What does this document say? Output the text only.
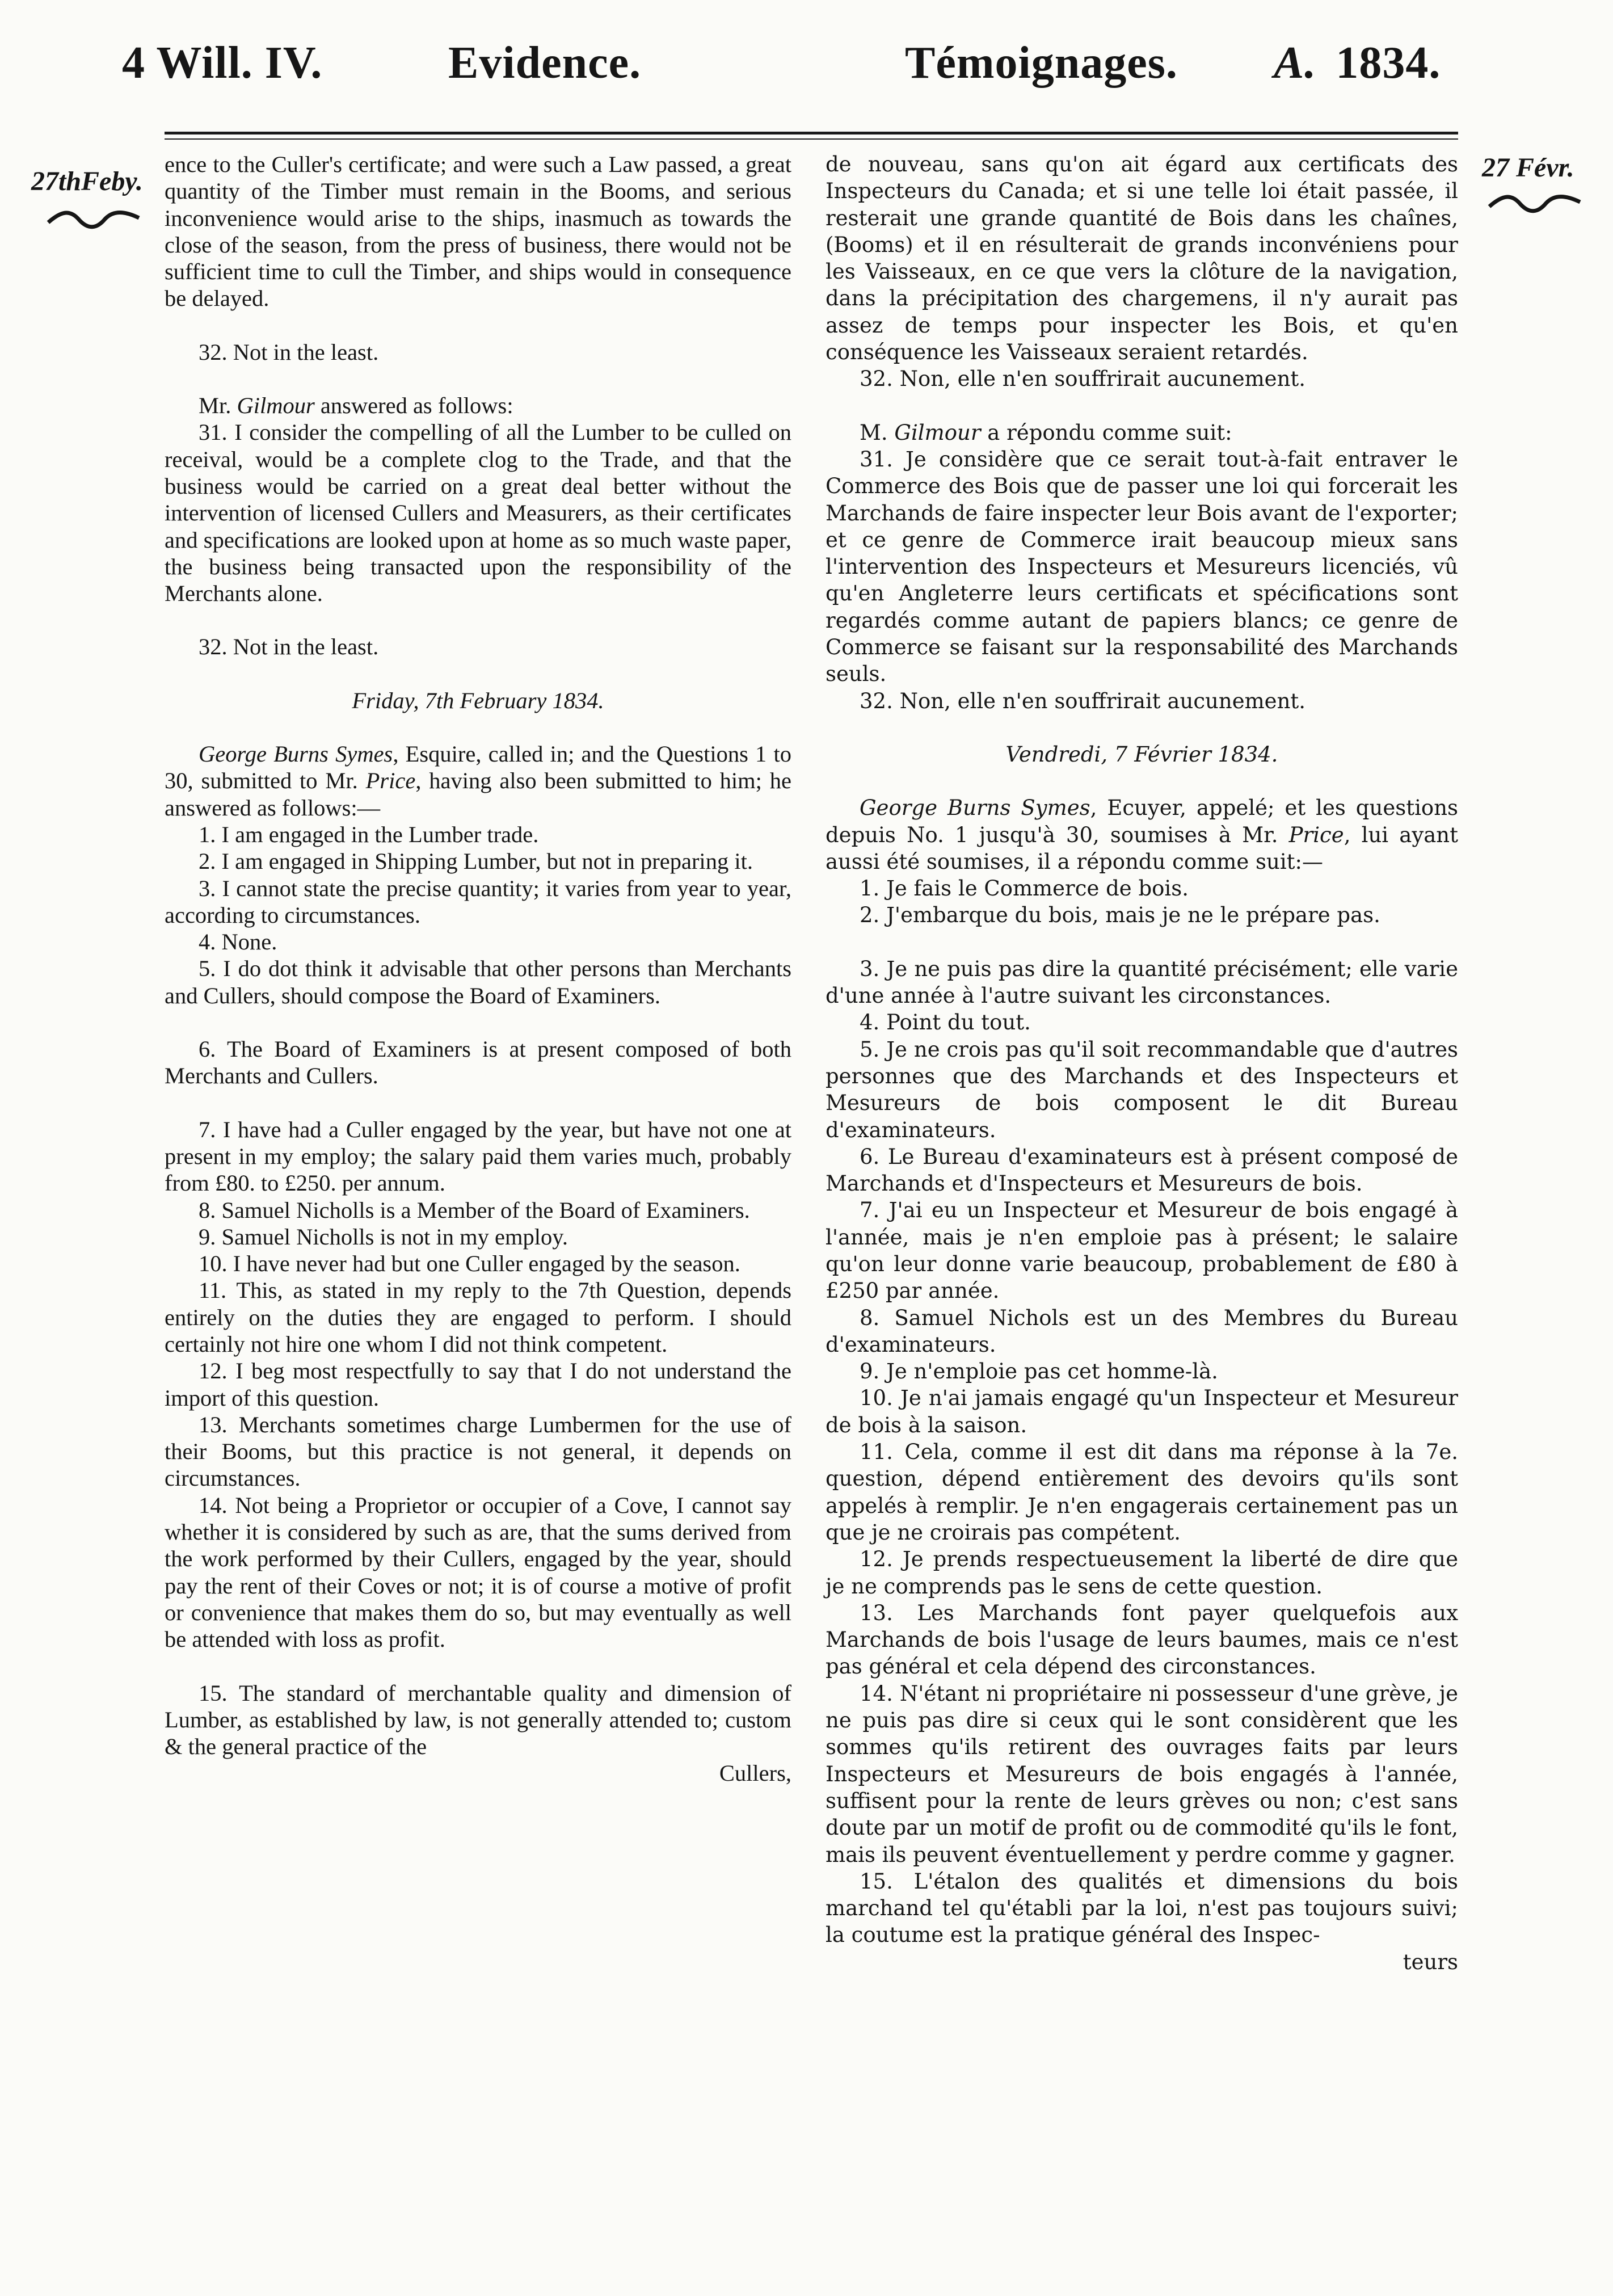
4 Will. IV.	Evidence.	Témoignages. A. 1834.
27thFeby.	27 Févr.

ence to the Culler's certificate; and were such a Law passed, a great quantity of the Timber must remain in the Booms, and serious inconvenience would arise to the ships, inasmuch as towards the close of the season, from the press of business, there would not be sufficient time to cull the Timber, and ships would in consequence be delayed.

32. Not in the least.

Mr. Gilmour answered as follows:

31. I consider the compelling of all the Lumber to be culled on receival, would be a complete clog to the Trade, and that the business would be carried on a great deal better without the intervention of licensed Cullers and Measurers, as their certificates and specifications are looked upon at home as so much waste paper, the business being transacted upon the responsibility of the Merchants alone.

32. Not in the least.

Friday, 7th February 1834.

George Burns Symes, Esquire, called in; and the Questions 1 to 30, submitted to Mr. Price, having also been submitted to him; he answered as follows:—

1. I am engaged in the Lumber trade.

2. I am engaged in Shipping Lumber, but not in preparing it.

3. I cannot state the precise quantity; it varies from year to year, according to circumstances.

4. None.

5. I do dot think it advisable that other persons than Merchants and Cullers, should compose the Board of Examiners.

6. The Board of Examiners is at present composed of both Merchants and Cullers.

7. I have had a Culler engaged by the year, but have not one at present in my employ; the salary paid them varies much, probably from £80. to £250. per annum.

8. Samuel Nicholls is a Member of the Board of Examiners.

9. Samuel Nicholls is not in my employ.

10. I have never had but one Culler engaged by the season.

11. This, as stated in my reply to the 7th Question, depends entirely on the duties they are engaged to perform. I should certainly not hire one whom I did not think competent.

12. I beg most respectfully to say that I do not understand the import of this question.

13. Merchants sometimes charge Lumbermen for the use of their Booms, but this practice is not general, it depends on circumstances.

14. Not being a Proprietor or occupier of a Cove, I cannot say whether it is considered by such as are, that the sums derived from the work performed by their Cullers, engaged by the year, should pay the rent of their Coves or not; it is of course a motive of profit or convenience that makes them do so, but may eventually as well be attended with loss as profit.

15. The standard of merchantable quality and dimension of Lumber, as established by law, is not generally attended to; custom & the general practice of the

Cullers,

de nouveau, sans qu'on ait égard aux certificats des Inspecteurs du Canada; et si une telle loi était passée, il resterait une grande quantité de Bois dans les chaînes, (Booms) et il en résulterait de grands inconvéniens pour les Vaisseaux, en ce que vers la clôture de la navigation, dans la précipitation des chargemens, il n'y aurait pas assez de temps pour inspecter les Bois, et qu'en conséquence les Vaisseaux seraient retardés.

32. Non, elle n'en souffrirait aucunement.

M. Gilmour a répondu comme suit:

31. Je considère que ce serait tout-à-fait entraver le Commerce des Bois que de passer une loi qui forcerait les Marchands de faire inspecter leur Bois avant de l'exporter; et ce genre de Commerce irait beaucoup mieux sans l'intervention des Inspecteurs et Mesureurs licenciés, vû qu'en Angleterre leurs certificats et spécifications sont regardés comme autant de papiers blancs; ce genre de Commerce se faisant sur la responsabilité des Marchands seuls.

32. Non, elle n'en souffrirait aucunement.

Vendredi, 7 Février 1834.

George Burns Symes, Ecuyer, appelé; et les questions depuis No. 1 jusqu'à 30, soumises à Mr. Price, lui ayant aussi été soumises, il a répondu comme suit:—

1. Je fais le Commerce de bois.

2. J'embarque du bois, mais je ne le prépare pas.

3. Je ne puis pas dire la quantité précisément; elle varie d'une année à l'autre suivant les circonstances.

4. Point du tout.

5. Je ne crois pas qu'il soit recommandable que d'autres personnes que des Marchands et des Inspecteurs et Mesureurs de bois composent le dit Bureau d'examinateurs.

6. Le Bureau d'examinateurs est à présent composé de Marchands et d'Inspecteurs et Mesureurs de bois.

7. J'ai eu un Inspecteur et Mesureur de bois engagé à l'année, mais je n'en emploie pas à présent; le salaire qu'on leur donne varie beaucoup, probablement de £80 à £250 par année.

8. Samuel Nichols est un des Membres du Bureau d'examinateurs.

9. Je n'emploie pas cet homme-là.

10. Je n'ai jamais engagé qu'un Inspecteur et Mesureur de bois à la saison.

11. Cela, comme il est dit dans ma réponse à la 7e. question, dépend entièrement des devoirs qu'ils sont appelés à remplir. Je n'en engagerais certainement pas un que je ne croirais pas compétent.

12. Je prends respectueusement la liberté de dire que je ne comprends pas le sens de cette question.

13. Les Marchands font payer quelquefois aux Marchands de bois l'usage de leurs baumes, mais ce n'est pas général et cela dépend des circonstances.

14. N'étant ni propriétaire ni possesseur d'une grève, je ne puis pas dire si ceux qui le sont considèrent que les sommes qu'ils retirent des ouvrages faits par leurs Inspecteurs et Mesureurs de bois engagés à l'année, suffisent pour la rente de leurs grèves ou non; c'est sans doute par un motif de profit ou de commodité qu'ils le font, mais ils peuvent éventuellement y perdre comme y gagner.

15. L'étalon des qualités et dimensions du bois marchand tel qu'établi par la loi, n'est pas toujours suivi; la coutume est la pratique général des Inspec-

teurs
